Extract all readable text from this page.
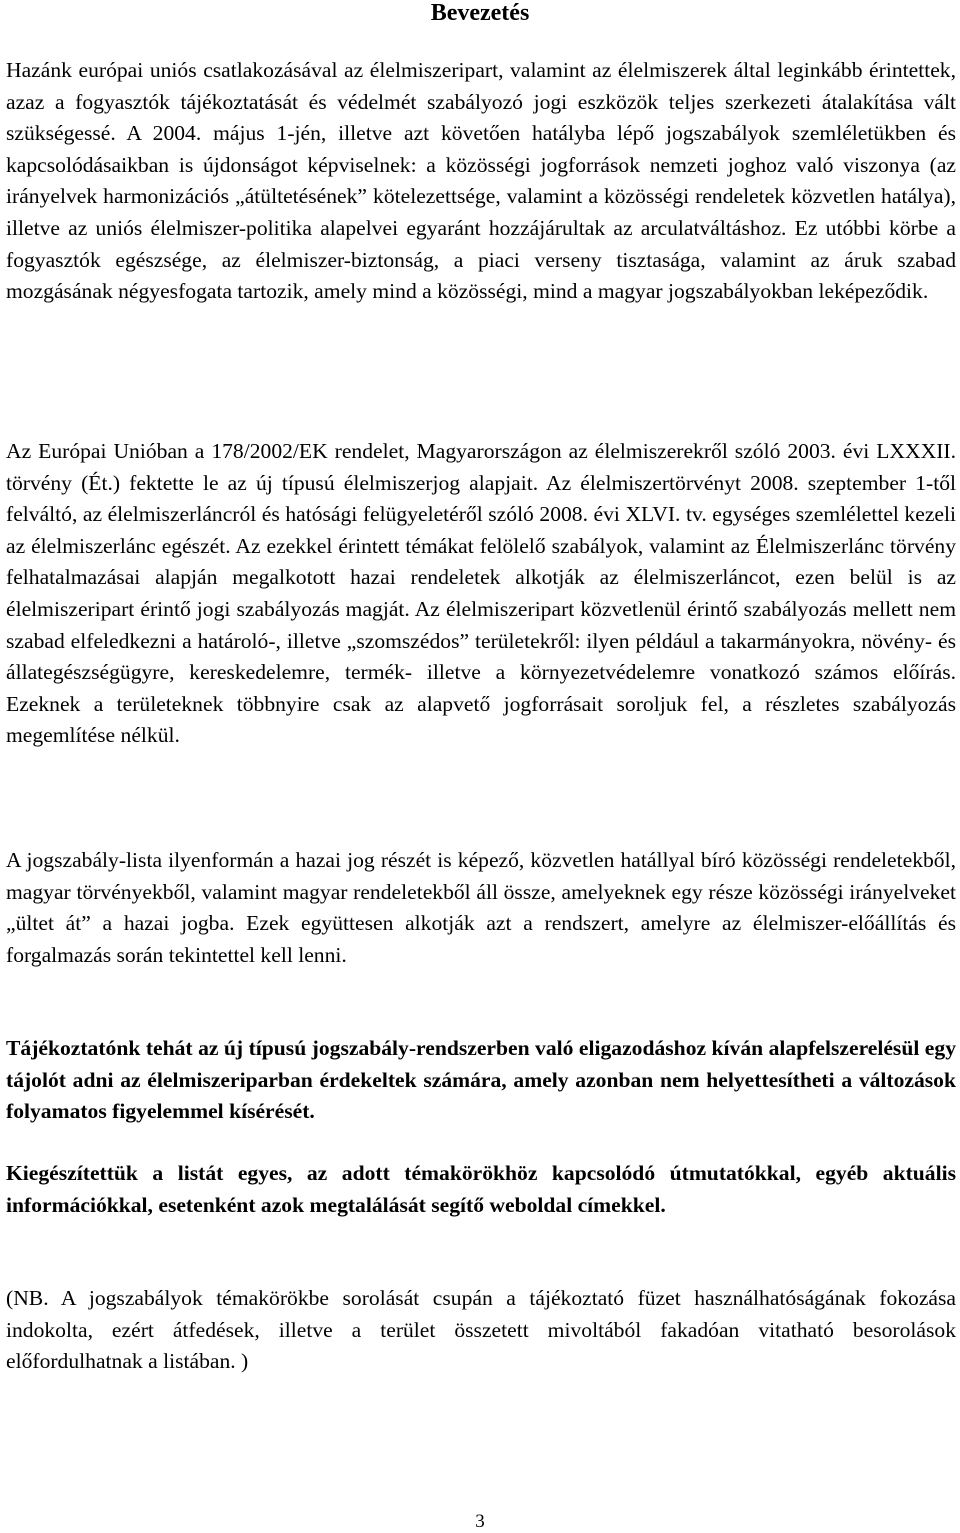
Bevezetés

Hazánk európai uniós csatlakozásával az élelmiszeripart, valamint az élelmiszerek által leginkább érintettek, azaz a fogyasztók tájékoztatását és védelmét szabályozó jogi eszközök teljes szerkezeti átalakítása vált szükségessé. A 2004. május 1-jén, illetve azt követően hatályba lépő jogszabályok szemléletükben és kapcsolódásaikban is újdonságot képviselnek: a közösségi jogforrások nemzeti joghoz való viszonya (az irányelvek harmonizációs „átültetésének” kötelezettsége, valamint a közösségi rendeletek közvetlen hatálya), illetve az uniós élelmiszer-politika alapelvei egyaránt hozzájárultak az arculatváltáshoz. Ez utóbbi körbe a fogyasztók egészsége, az élelmiszer-biztonság, a piaci verseny tisztasága, valamint az áruk szabad mozgásának négyesfogata tartozik, amely mind a közösségi, mind a magyar jogszabályokban leképeződik.

Az Európai Unióban a 178/2002/EK rendelet, Magyarországon az élelmiszerekről szóló 2003. évi LXXXII. törvény (Ét.) fektette le az új típusú élelmiszerjog alapjait. Az élelmiszertörvényt 2008. szeptember 1-től felváltó, az élelmiszerláncról és hatósági felügyeletéről szóló 2008. évi XLVI. tv. egységes szemlélettel kezeli az élelmiszerlánc egészét. Az ezekkel érintett témákat felölelő szabályok, valamint az Élelmiszerlánc törvény felhatalmazásai alapján megalkotott hazai rendeletek alkotják az élelmiszerláncot, ezen belül is az élelmiszeripart érintő jogi szabályozás magját. Az élelmiszeripart közvetlenül érintő szabályozás mellett nem szabad elfeledkezni a határoló-, illetve „szomszédos” területekről: ilyen például a takarmányokra, növény- és állategészségügyre, kereskedelemre, termék- illetve a környezetvédelemre vonatkozó számos előírás. Ezeknek a területeknek többnyire csak az alapvető jogforrásait soroljuk fel, a részletes szabályozás megemlítése nélkül.

A jogszabály-lista ilyenformán a hazai jog részét is képező, közvetlen hatállyal bíró közösségi rendeletekből, magyar törvényekből, valamint magyar rendeletekből áll össze, amelyeknek egy része közösségi irányelveket „ültet át” a hazai jogba. Ezek együttesen alkotják azt a rendszert, amelyre az élelmiszer-előállítás és forgalmazás során tekintettel kell lenni.

Tájékoztatónk tehát az új típusú jogszabály-rendszerben való eligazodáshoz kíván alapfelszerelésül egy tájolót adni az élelmiszeriparban érdekeltek számára, amely azonban nem helyettesítheti a változások folyamatos figyelemmel kísérését.

Kiegészítettük a listát egyes, az adott témakörökhöz kapcsolódó útmutatókkal, egyéb aktuális információkkal, esetenként azok megtalálását segítő weboldal címekkel.

(NB. A jogszabályok témakörökbe sorolását csupán a tájékoztató füzet használhatóságának fokozása indokolta, ezért átfedések, illetve a terület összetett mivoltából fakadóan vitatható besorolások előfordulhatnak a listában. )

3
